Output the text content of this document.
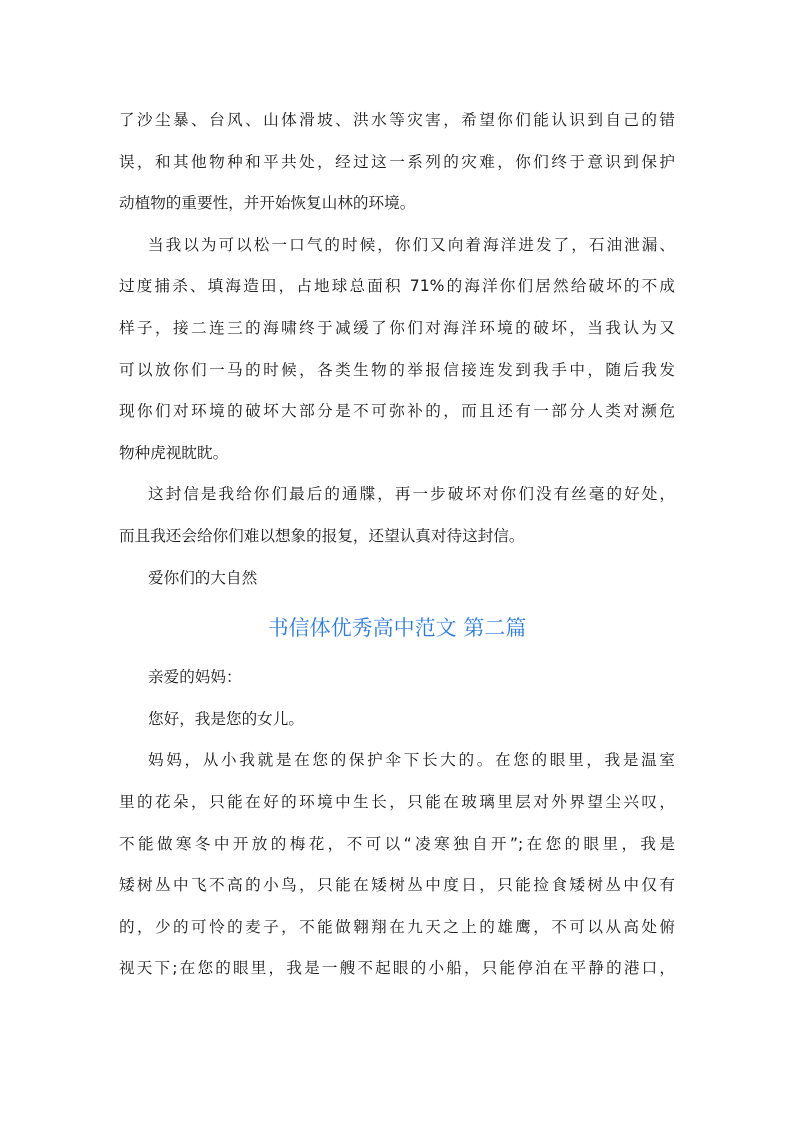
了沙尘暴、台风、山体滑坡、洪水等灾害，希望你们能认识到自己的错
误，和其他物种和平共处，经过这一系列的灾难，你们终于意识到保护
动植物的重要性，并开始恢复山林的环境。
当我以为可以松一口气的时候，你们又向着海洋进发了，石油泄漏、
过度捕杀、填海造田，占地球总面积 71%的海洋你们居然给破坏的不成
样子，接二连三的海啸终于减缓了你们对海洋环境的破坏，当我认为又
可以放你们一马的时候，各类生物的举报信接连发到我手中，随后我发
现你们对环境的破坏大部分是不可弥补的，而且还有一部分人类对濒危
物种虎视眈眈。
这封信是我给你们最后的通牒，再一步破坏对你们没有丝毫的好处，
而且我还会给你们难以想象的报复，还望认真对待这封信。
爱你们的大自然
书信体优秀高中范文 第二篇
亲爱的妈妈：
您好，我是您的女儿。
妈妈，从小我就是在您的保护伞下长大的。在您的眼里，我是温室
里的花朵，只能在好的环境中生长，只能在玻璃里层对外界望尘兴叹，
不能做寒冬中开放的梅花，不可以“凌寒独自开”;在您的眼里，我是
矮树丛中飞不高的小鸟，只能在矮树丛中度日，只能捡食矮树丛中仅有
的，少的可怜的麦子，不能做翱翔在九天之上的雄鹰，不可以从高处俯
视天下;在您的眼里，我是一艘不起眼的小船，只能停泊在平静的港口，
